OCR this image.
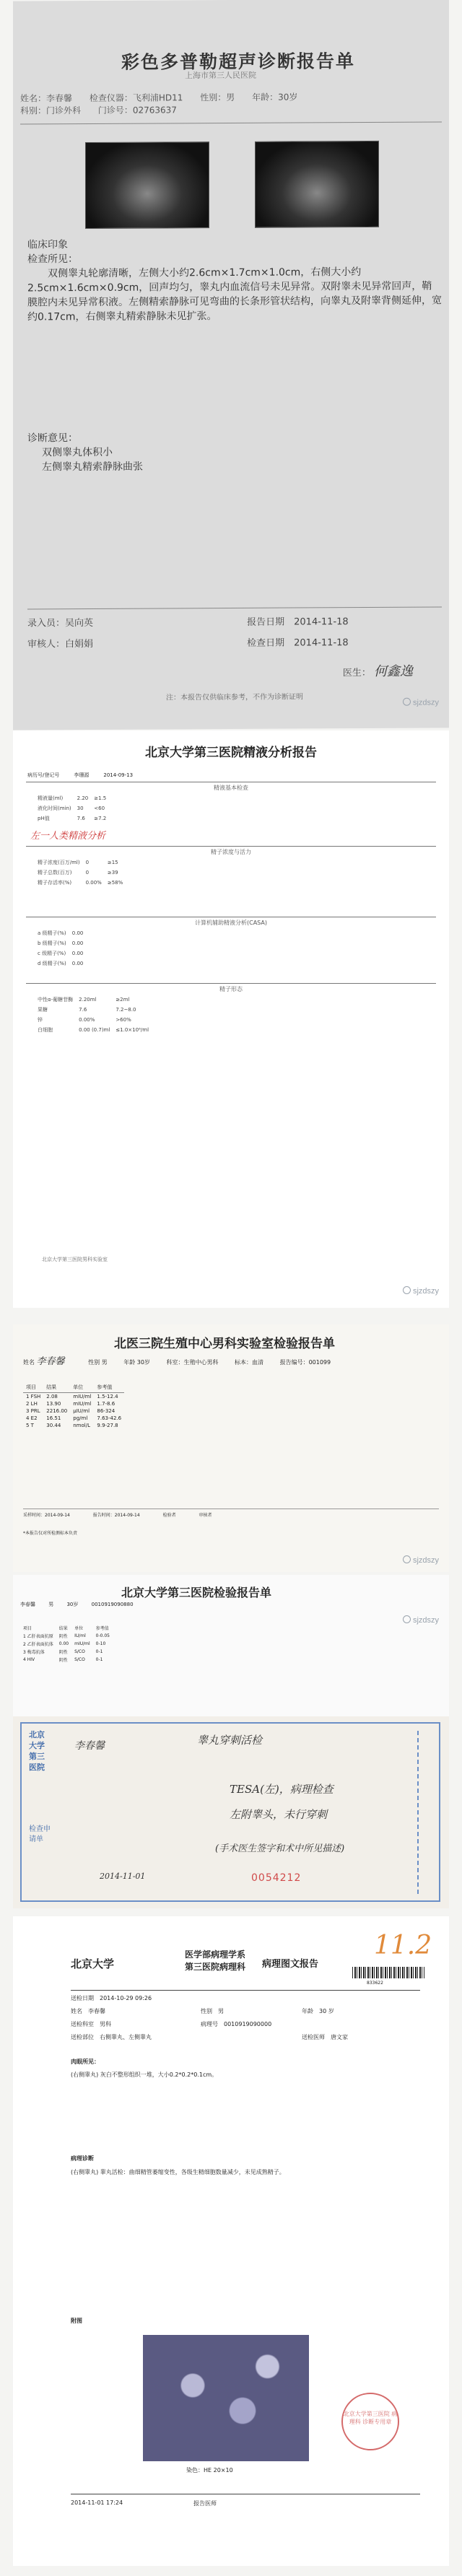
彩色多普勒超声诊断报告单
上海市第三人民医院
姓名：李春馨 检查仪器：飞利浦HD11 性别：男 年龄：30岁
科别：门诊外科 门诊号：02763637
临床印象
检查所见：
双侧睾丸轮廓清晰，左侧大小约2.6cm×1.7cm×1.0cm，右侧大小约2.5cm×1.6cm×0.9cm，回声均匀，睾丸内血流信号未见异常。双附睾未见异常回声，鞘膜腔内未见异常积液。左侧精索静脉可见弯曲的长条形管状结构，向睾丸及附睾背侧延伸，宽约0.17cm，右侧睾丸精索静脉未见扩张。
诊断意见：
双侧睾丸体积小
左侧睾丸精索静脉曲张
录入员：吴向英	报告日期　2014-11-18
审核人：白娟娟	检查日期　2014-11-18
医生： 何鑫逸
注：本报告仅供临床参考，不作为诊断证明
sjzdszy
北京大学第三医院精液分析报告
病历号/登记号	李珊源	2014-09-13
精液基本检查
精液量(ml)	2.20	≥1.5
液化时间(min)	30	<60
pH值	7.6	≥7.2
左一人类精液分析
精子浓度与活力
精子浓度(百万/ml)	0	≥15
精子总数(百万)	0	≥39
精子存活率(%)	0.00%	≥58%
计算机辅助精液分析(CASA)
a 级精子(%)	0.00
b 级精子(%)	0.00
c 级精子(%)	0.00
d 级精子(%)	0.00
精子形态
中性α-葡糖苷酶	2.20ml	≥2ml
果糖	7.6	7.2~8.0
锌	0.00%	>60%
白细胞	0.00 (0.7)ml	≤1.0×10⁶/ml
北京大学第三医院男科实验室
sjzdszy
北医三院生殖中心男科实验室检验报告单
姓名 李春馨	性别 男	年龄 30岁	科室：生殖中心男科	标本：血清	报告编号：001099
项目	结果	单位	参考值
1 FSH	2.08	mIU/ml	1.5-12.4
2 LH	13.90	mIU/ml	1.7-8.6
3 PRL	2216.00	μIU/ml	86-324
4 E2	16.51	pg/ml	7.63-42.6
5 T	30.44	nmol/L	9.9-27.8
采样时间：2014-09-14	报告时间：2014-09-14	检验者	审核者
*本报告仅对所检测标本负责
sjzdszy
北京大学第三医院检验报告单
李春馨	男	30岁	0010919090880
项目	结果	单位	参考值
1 乙肝表面抗原	阴性	IU/ml	0-0.05
2 乙肝表面抗体	0.00	mIU/ml	0-10
3 梅毒抗体	阴性	S/CO	0-1
4 HIV	阴性	S/CO	0-1
sjzdszy
北京大学第三医院
检查申请单
李春馨	睾丸穿刺活检
TESA(左)，病理检查
左附睾头，未行穿刺
(手术医生签字和术中所见描述)
2014-11-01	0054212
北京大学
医学部病理学系
第三医院病理科 病理图文报告
11.2
833622
送检日期　 2014-10-29 09:26
姓名　 李春馨	性别　 男	年龄　 30 岁
送检科室　 男科	病理号　 0010919090000
送检部位　 右侧睾丸、左侧睾丸	送检医师　 唐文家
肉眼所见：
(右侧睾丸) 灰白不整形组织一堆，大小0.2*0.2*0.1cm。
病理诊断
(右侧睾丸) 睾丸活检：曲细精管萎缩变性，各级生精细胞数量减少，未见成熟精子。
附图
染色：HE 20×10
2014-11-01 17:24	报告医师
北京大学第三医院 病理科 诊断专用章
